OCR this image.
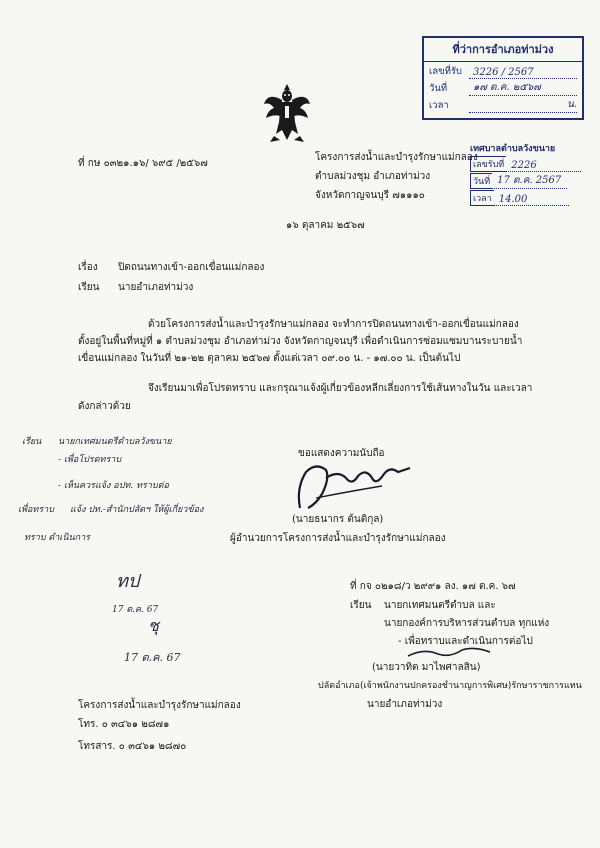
ที่ว่าการอำเภอท่าม่วง
เลขที่รับ	3226 / 2567
วันที่	๑๗ ต.ค. ๒๕๖๗
เวลา	น.
เทศบาลตำบลวังขนาย
เลขรับที่ 2226
วันที่ 17 ต.ค. 2567
เวลา 14.00
ที่ กษ ๐๓๒๑.๑๖/ ๖๙๕ /๒๕๖๗
โครงการส่งน้ำและบำรุงรักษาแม่กลอง
ตำบลม่วงชุม อำเภอท่าม่วง
จังหวัดกาญจนบุรี ๗๑๑๑๐
๑๖ ตุลาคม ๒๕๖๗
เรื่อง ปิดถนนทางเข้า-ออกเขื่อนแม่กลอง
เรียน นายอำเภอท่าม่วง
ด้วยโครงการส่งน้ำและบำรุงรักษาแม่กลอง จะทำการปิดถนนทางเข้า-ออกเขื่อนแม่กลอง
ตั้งอยู่ในพื้นที่หมู่ที่ ๑ ตำบลม่วงชุม อำเภอท่าม่วง จังหวัดกาญจนบุรี เพื่อดำเนินการซ่อมแซมบานระบายน้ำ
เขื่อนแม่กลอง ในวันที่ ๒๑-๒๒ ตุลาคม ๒๕๖๗ ตั้งแต่เวลา ๐๙.๐๐ น. - ๑๗.๐๐ น. เป็นต้นไป
จึงเรียนมาเพื่อโปรดทราบ และกรุณาแจ้งผู้เกี่ยวข้องหลีกเลี่ยงการใช้เส้นทางในวัน และเวลา
ดังกล่าวด้วย
ขอแสดงความนับถือ
(นายธนากร ต้นติกุล)
ผู้อำนวยการโครงการส่งน้ำและบำรุงรักษาแม่กลอง
เรียน นายกเทศมนตรีตำบลวังขนาย
- เพื่อโปรดทราบ
- เห็นควรแจ้ง อปท. ทราบต่อ
เพื่อทราบ แจ้ง ปท.-สำนักปลัดฯ ให้ผู้เกี่ยวข้อง
ทราบ ดำเนินการ
ทป
17 ต.ค. 67
ชุ
17 ต.ค. 67
ที่ กจ ๐๒๑๘/ว ๒๙๙๑ ลง. ๑๗ ต.ค. ๖๗
เรียน นายกเทศมนตรีตำบล และ
นายกองค์การบริหารส่วนตำบล ทุกแห่ง
- เพื่อทราบและดำเนินการต่อไป
(นายวาทิต มาไพศาลสิน)
ปลัดอำเภอ(เจ้าพนักงานปกครองชำนาญการพิเศษ)รักษาราชการแทน
นายอำเภอท่าม่วง
โครงการส่งน้ำและบำรุงรักษาแม่กลอง
โทร. ๐ ๓๔๖๑ ๒๘๗๑
โทรสาร. ๐ ๓๔๖๑ ๒๘๗๐
